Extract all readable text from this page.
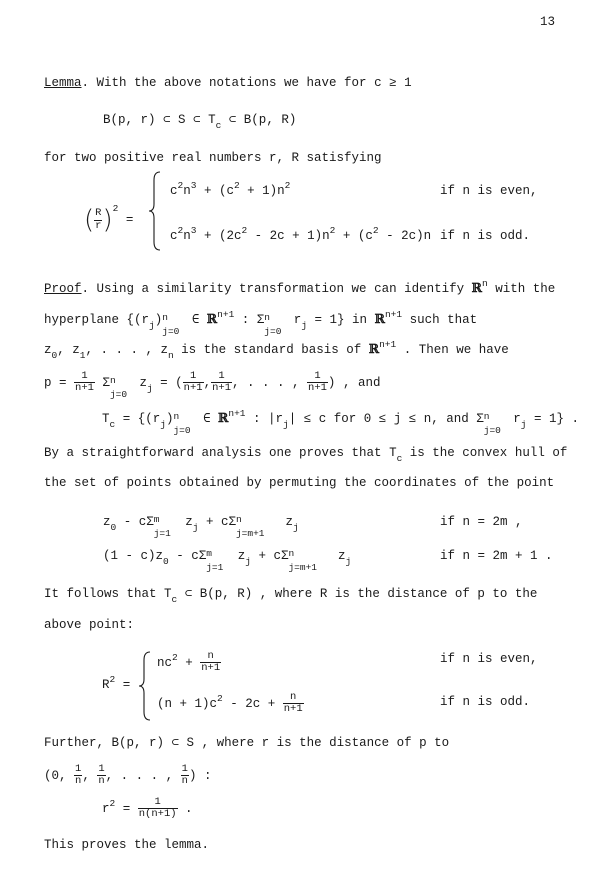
13
Lemma. With the above notations we have for c ≥ 1
B(p, r) ⊂ S ⊂ $T_c$ ⊂ B(p, R)
for two positive real numbers r, R satisfying
( $\frac{R}{r} )^2$ =
$c^2n^3 + (c^2 + 1)n^2$	if n is even,
$c^2n^3 + (2c^2 - 2c + 1)n^2 + (c^2 - 2c)n$ if n is odd.
Proof. Using a similarity transformation we can identify ℝ$^n$ with the
hyperplane {$(r_j)$ n
j=0
∈ ℝ$^{n+1}$ : Σ n
j=0
$r_j = 1$} in ℝ$^{n+1}$ such that
$z_0$, $z_1$, . . . , $z_n$ is the standard basis of ℝ$^{n+1}$ . Then we have
$p = \frac{1}{n+1}$ Σ n
j=0
$z_j$ = ( $\frac{1}{n+1}$ , $\frac{1}{n+1}$ , . . . , $\frac{1}{n+1}$ ) , and
$T_c = \{(r_j)$ n
j=0
∈ ℝ$^{n+1}$ : $|r_j| \le c$ for 0 ≤ j ≤ n, and Σ n
j=0
$r_j = 1$} .
By a straightforward analysis one proves that $T_c$ is the convex hull of
the set of points obtained by permuting the coordinates of the point
$z_0$ - cΣ m
j=1
$z_j + c\Sigma$ n
j=m+1
$z_j$	if n = 2m ,
$(1 - c)z_0$ - cΣ m
j=1
$z_j + c\Sigma$ n
j=m+1
$z_j$	if n = 2m + 1 .
It follows that $T_c$ ⊂ B(p, R) , where R is the distance of p to the
above point:
$R^2$ =
$nc^2 + \frac{n}{n+1}$	if n is even,
$(n + 1)c^2 - 2c + \frac{n}{n+1}$	if n is odd.
Further, B(p, r) ⊂ S , where r is the distance of p to
(0, $\frac{1}{n}$ , $\frac{1}{n}$ , . . . , $\frac{1}{n}$ ) :
$r^2 = \frac{1}{n(n+1)}$ .
This proves the lemma.
